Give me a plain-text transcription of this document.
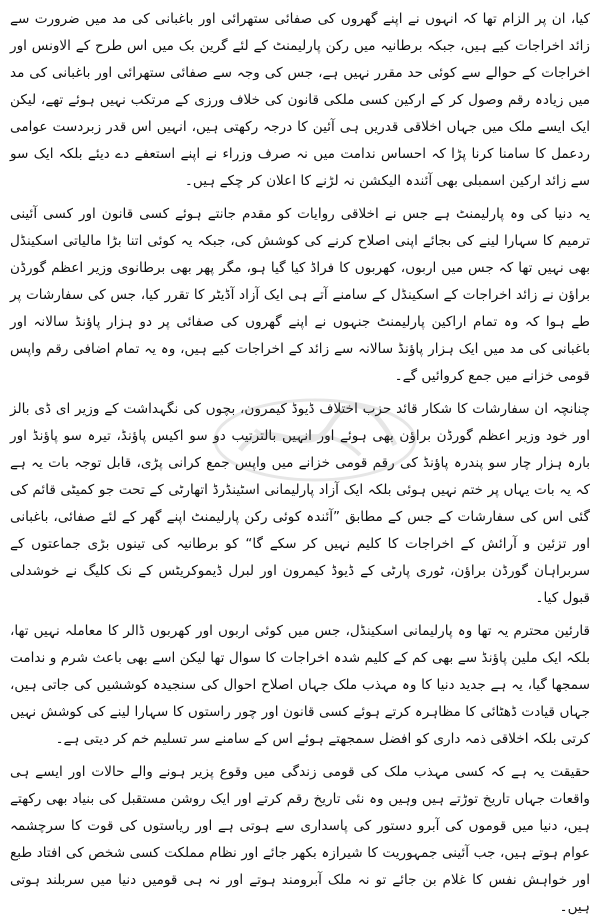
کیا، ان پر الزام تھا کہ انہوں نے اپنے گھروں کی صفائی ستھرائی اور باغبانی کی مد میں ضرورت سے زائد اخراجات کیے ہیں، جبکہ برطانیہ میں رکن پارلیمنٹ کے لئے گرین بک میں اس طرح کے الاونس اور اخراجات کے حوالے سے کوئی حد مقرر نہیں ہے، جس کی وجہ سے صفائی ستھرائی اور باغبانی کی مد میں زیادہ رقم وصول کر کے ارکین کسی ملکی قانون کی خلاف ورزی کے مرتکب نہیں ہوئے تھے، لیکن ایک ایسے ملک میں جہاں اخلاقی قدریں ہی آئین کا درجہ رکھتی ہیں، انہیں اس قدر زبردست عوامی ردعمل کا سامنا کرنا پڑا کہ احساس ندامت میں نہ صرف وزراء نے اپنے استعفے دے دیئے بلکہ ایک سو سے زائد ارکین اسمبلی بھی آئندہ الیکشن نہ لڑنے کا اعلان کر چکے ہیں۔

یہ دنیا کی وہ پارلیمنٹ ہے جس نے اخلاقی روایات کو مقدم جانتے ہوئے کسی قانون اور کسی آئینی ترمیم کا سہارا لینے کی بجائے اپنی اصلاح کرنے کی کوشش کی، جبکہ یہ کوئی اتنا بڑا مالیاتی اسکینڈل بھی نہیں تھا کہ جس میں اربوں، کھربوں کا فراڈ کیا گیا ہو، مگر پھر بھی برطانوی وزیر اعظم گورڈن براؤن نے زائد اخراجات کے اسکینڈل کے سامنے آتے ہی ایک آزاد آڈیٹر کا تقرر کیا، جس کی سفارشات پر طے ہوا کہ وہ تمام اراکین پارلیمنٹ جنہوں نے اپنے گھروں کی صفائی پر دو ہزار پاؤنڈ سالانہ اور باغبانی کی مد میں ایک ہزار پاؤنڈ سالانہ سے زائد کے اخراجات کیے ہیں، وہ یہ تمام اضافی رقم واپس قومی خزانے میں جمع کروائیں گے۔

چنانچہ ان سفارشات کا شکار قائد حزب اختلاف ڈیوڈ کیمرون، بچوں کی نگہداشت کے وزیر ای ڈی بالز اور خود وزیر اعظم گورڈن براؤن بھی ہوئے اور انہیں بالترتیب دو سو اکیس پاؤنڈ، تیرہ سو پاؤنڈ اور بارہ ہزار چار سو پندرہ پاؤنڈ کی رقم قومی خزانے میں واپس جمع کرانی پڑی، قابل توجہ بات یہ ہے کہ یہ بات یہاں پر ختم نہیں ہوئی بلکہ ایک آزاد پارلیمانی اسٹینڈرڈ اتھارٹی کے تحت جو کمیٹی قائم کی گئی اس کی سفارشات کے جس کے مطابق ”آئندہ کوئی رکن پارلیمنٹ اپنے گھر کے لئے صفائی، باغبانی اور تزئین و آرائش کے اخراجات کا کلیم نہیں کر سکے گا“ کو برطانیہ کی تینوں بڑی جماعتوں کے سربراہان گورڈن براؤن، ٹوری پارٹی کے ڈیوڈ کیمرون اور لبرل ڈیموکریٹس کے نک کلیگ نے خوشدلی قبول کیا۔

قارئین محترم یہ تھا وہ پارلیمانی اسکینڈل، جس میں کوئی اربوں اور کھربوں ڈالر کا معاملہ نہیں تھا، بلکہ ایک ملین پاؤنڈ سے بھی کم کے کلیم شدہ اخراجات کا سوال تھا لیکن اسے بھی باعث شرم و ندامت سمجھا گیا، یہ ہے جدید دنیا کا وہ مہذب ملک جہاں اصلاح احوال کی سنجیدہ کوششیں کی جاتی ہیں، جہاں قیادت ڈھٹائی کا مظاہرہ کرتے ہوئے کسی قانون اور چور راستوں کا سہارا لینے کی کوشش نہیں کرتی بلکہ اخلاقی ذمہ داری کو افضل سمجھتے ہوئے اس کے سامنے سر تسلیم خم کر دیتی ہے۔

حقیقت یہ ہے کہ کسی مہذب ملک کی قومی زندگی میں وقوع پزیر ہونے والے حالات اور ایسے ہی واقعات جہاں تاریخ توڑتے ہیں وہیں وہ نئی تاریخ رقم کرتے اور ایک روشن مستقبل کی بنیاد بھی رکھتے ہیں، دنیا میں قوموں کی آبرو دستور کی پاسداری سے ہوتی ہے اور ریاستوں کی قوت کا سرچشمہ عوام ہوتے ہیں، جب آئینی جمہوریت کا شیرازہ بکھر جائے اور نظام مملکت کسی شخص کی افتاد طبع اور خواہش نفس کا غلام بن جائے تو نہ ملک آبرومند ہوتے اور نہ ہی قومیں دنیا میں سربلند ہوتی ہیں۔
